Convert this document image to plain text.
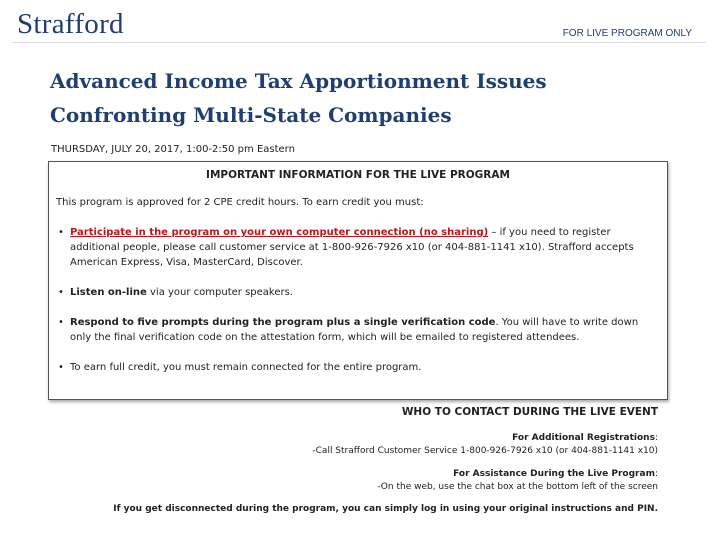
Strafford	FOR LIVE PROGRAM ONLY
Advanced Income Tax Apportionment Issues
Confronting Multi-State Companies
THURSDAY, JULY 20, 2017, 1:00-2:50 pm Eastern
IMPORTANT INFORMATION FOR THE LIVE PROGRAM

This program is approved for 2 CPE credit hours. To earn credit you must:

• Participate in the program on your own computer connection (no sharing) – if you need to register additional people, please call customer service at 1-800-926-7926 x10 (or 404-881-1141 x10). Strafford accepts American Express, Visa, MasterCard, Discover.
• Listen on-line via your computer speakers.
• Respond to five prompts during the program plus a single verification code. You will have to write down only the final verification code on the attestation form, which will be emailed to registered attendees.
• To earn full credit, you must remain connected for the entire program.
WHO TO CONTACT DURING THE LIVE EVENT
For Additional Registrations:
-Call Strafford Customer Service 1-800-926-7926 x10 (or 404-881-1141 x10)
For Assistance During the Live Program:
-On the web, use the chat box at the bottom left of the screen
If you get disconnected during the program, you can simply log in using your original instructions and PIN.
